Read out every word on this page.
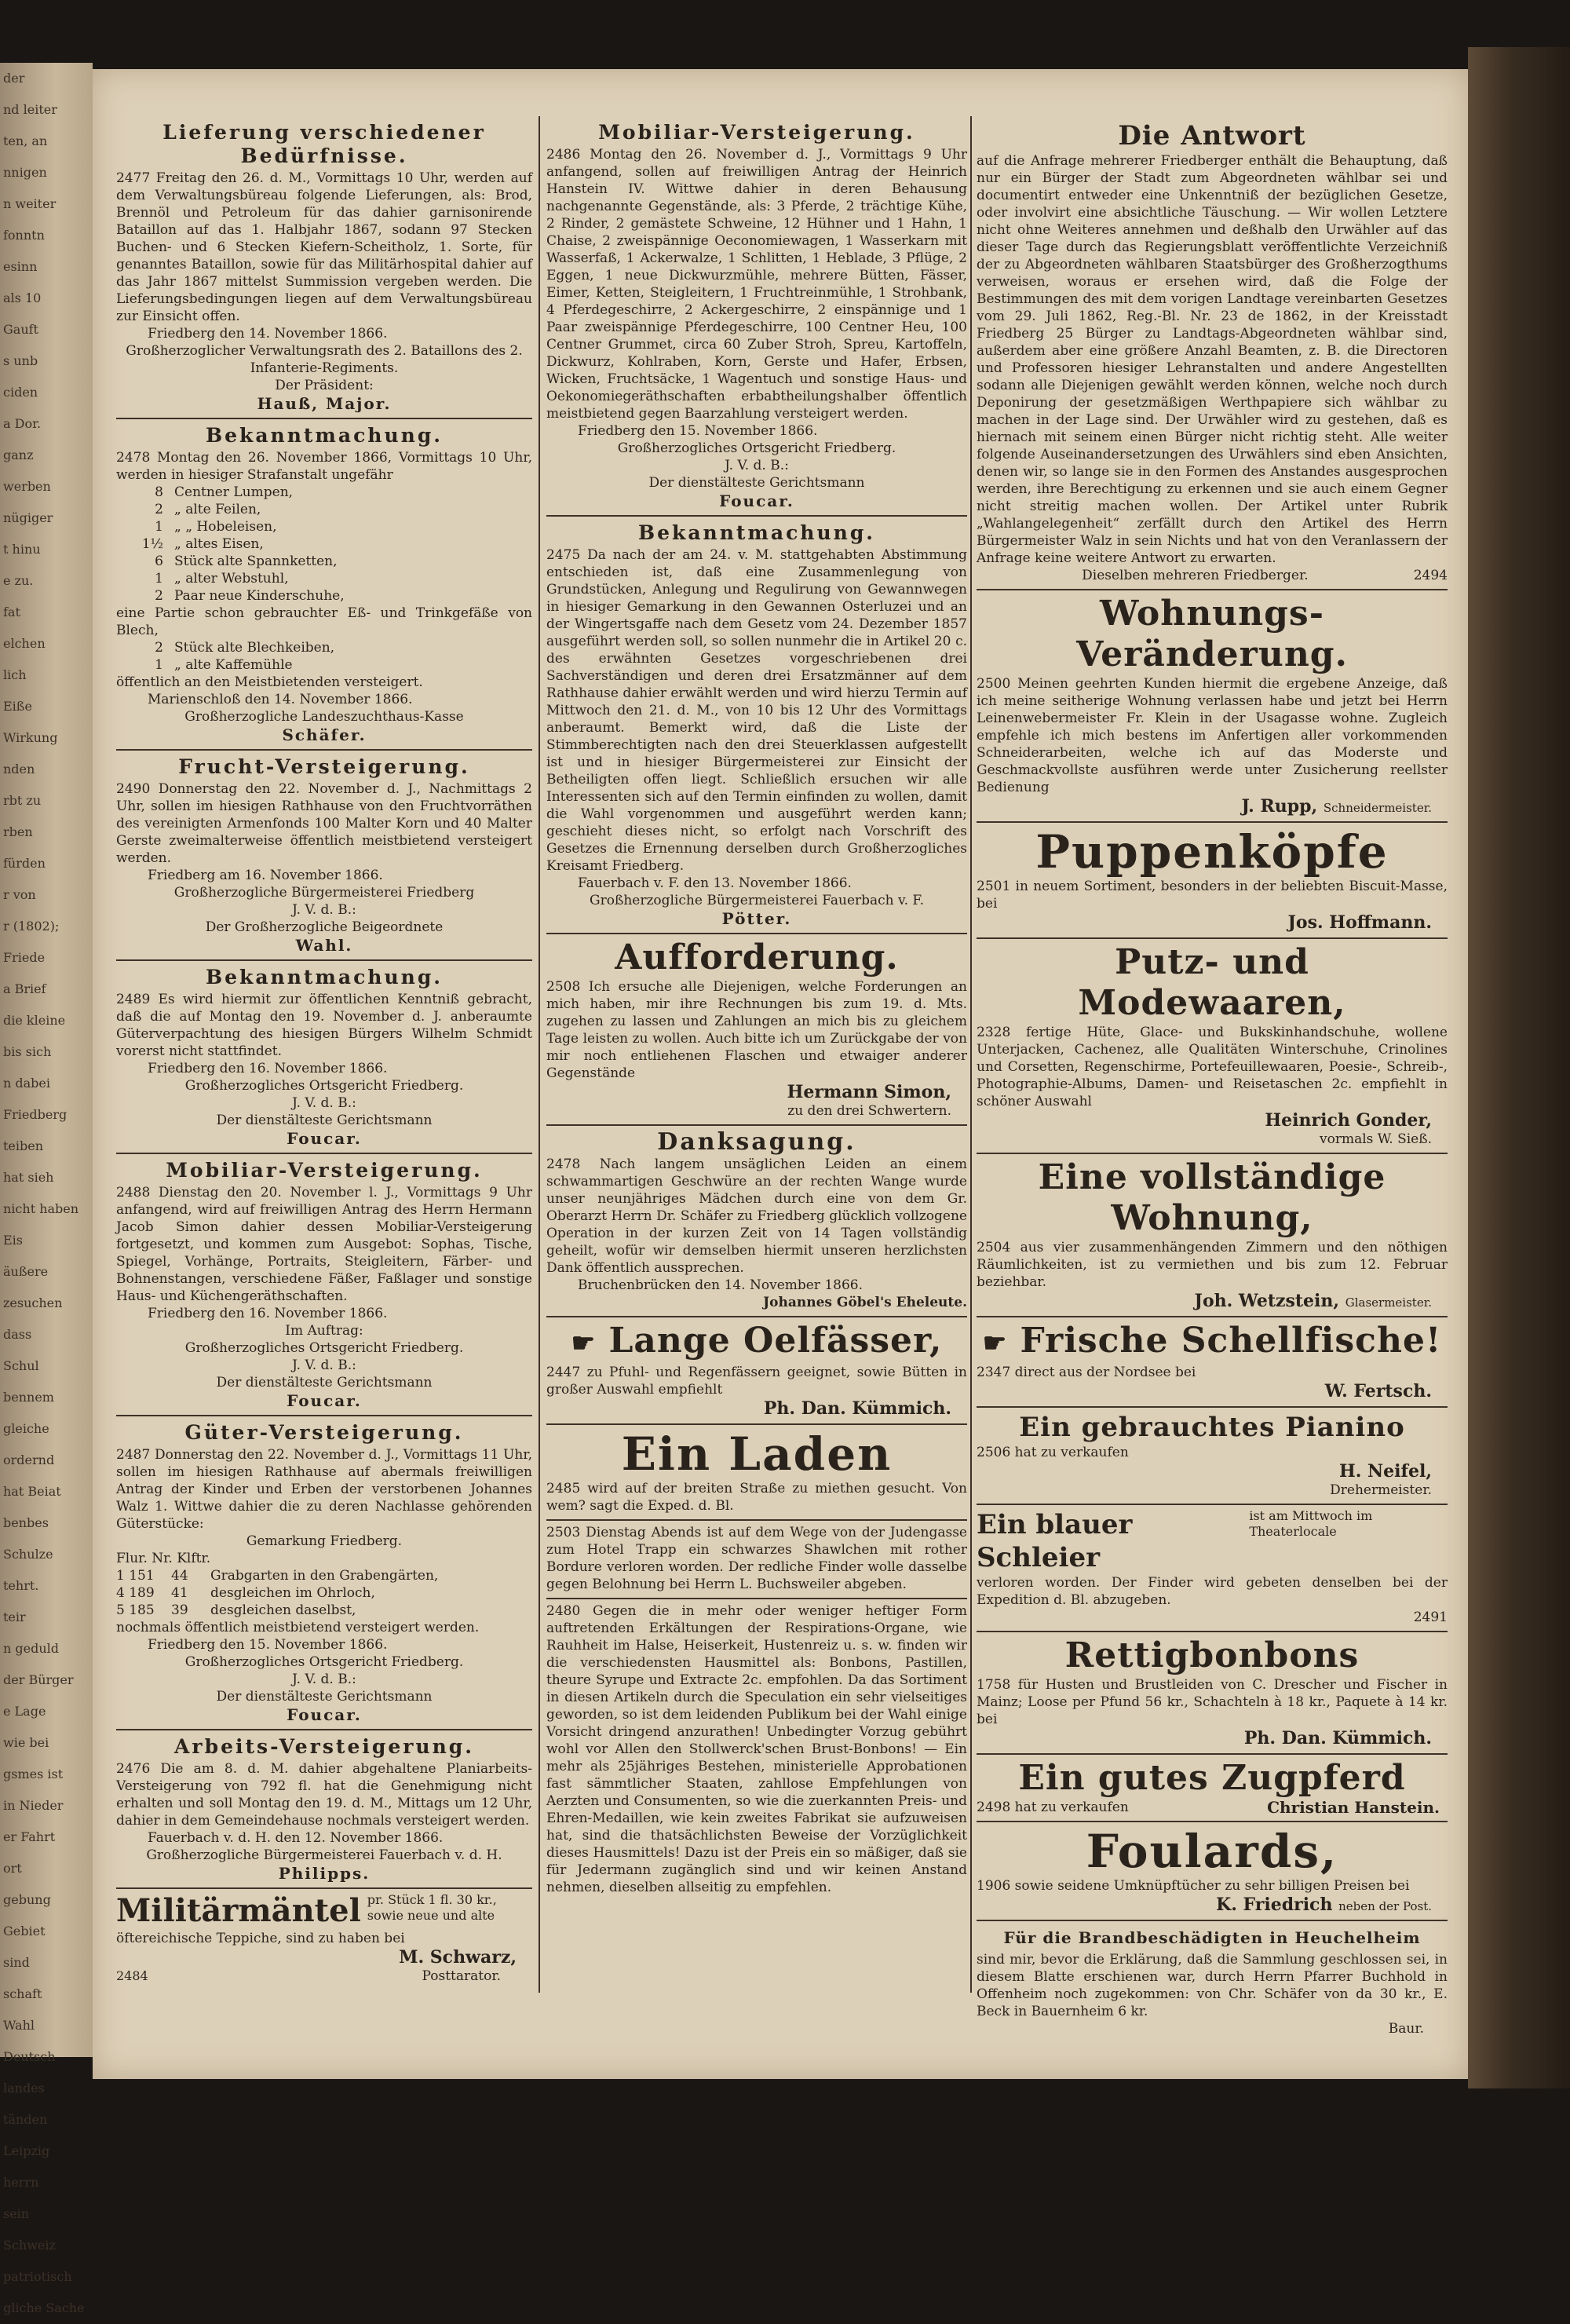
der
nd leiter
ten, an
nnigen
n weiter
fonntn
esinn
als 10
Gauft
s unb
ciden
a Dor.
ganz
werben
nügiger
t hinu
e zu.
fat
elchen
lich
Eiße
Wirkung
nden
rbt zu
rben
fürden
r von
r (1802);
Friede
a Brief
die kleine
bis sich
n dabei
Friedberg
teiben
hat sieh
nicht haben
Eis
äußere
zesuchen
dass
Schul
bennem
gleiche
ordernd
hat Beiat
benbes
Schulze
tehrt.
teir
n geduld
der Bürger
e Lage
wie bei
gsmes ist
in Nieder
er Fahrt
ort
gebung
Gebiet
sind
schaft
Wahl
Deutsch
landes
tänden
Leipzig
herrn
sein
Schweiz
patriotisch
gliche Sache

Lieferung verschiedener Bedürfnisse.

2477 Freitag den 26. d. M., Vormittags 10 Uhr, werden auf dem Verwaltungsbüreau folgende Lieferungen, als: Brod, Brennöl und Petroleum für das dahier garnisonirende Bataillon auf das 1. Halbjahr 1867, sodann 97 Stecken Buchen- und 6 Stecken Kiefern-Scheitholz, 1. Sorte, für genanntes Bataillon, sowie für das Militärhospital dahier auf das Jahr 1867 mittelst Summission vergeben werden. Die Lieferungsbedingungen liegen auf dem Verwaltungsbüreau zur Einsicht offen.

Friedberg den 14. November 1866.

Großherzoglicher Verwaltungsrath des 2. Bataillons des 2. Infanterie-Regiments.

Der Präsident:

Hauß, Major.

Bekanntmachung.

2478 Montag den 26. November 1866, Vormittags 10 Uhr, werden in hiesiger Strafanstalt ungefähr

8 Centner Lumpen,
2 „ alte Feilen,
1 „ „ Hobeleisen,
1½ „ altes Eisen,
6 Stück alte Spannketten,
1 „ alter Webstuhl,
2 Paar neue Kinderschuhe,

eine Partie schon gebrauchter Eß- und Trinkgefäße von Blech,

2 Stück alte Blechkeiben,
1 „ alte Kaffemühle

öffentlich an den Meistbietenden versteigert.

Marienschloß den 14. November 1866.

Großherzogliche Landeszuchthaus-Kasse

Schäfer.

Frucht-Versteigerung.

2490 Donnerstag den 22. November d. J., Nachmittags 2 Uhr, sollen im hiesigen Rathhause von den Fruchtvorräthen des vereinigten Armenfonds 100 Malter Korn und 40 Malter Gerste zweimalterweise öffentlich meistbietend versteigert werden.

Friedberg am 16. November 1866.

Großherzogliche Bürgermeisterei Friedberg

J. V. d. B.:

Der Großherzogliche Beigeordnete

Wahl.

Bekanntmachung.

2489 Es wird hiermit zur öffentlichen Kenntniß gebracht, daß die auf Montag den 19. November d. J. anberaumte Güterverpachtung des hiesigen Bürgers Wilhelm Schmidt vorerst nicht stattfindet.

Friedberg den 16. November 1866.

Großherzogliches Ortsgericht Friedberg.

J. V. d. B.:

Der dienstälteste Gerichtsmann

Foucar.

Mobiliar-Versteigerung.

2488 Dienstag den 20. November l. J., Vormittags 9 Uhr anfangend, wird auf freiwilligen Antrag des Herrn Hermann Jacob Simon dahier dessen Mobiliar-Versteigerung fortgesetzt, und kommen zum Ausgebot: Sophas, Tische, Spiegel, Vorhänge, Portraits, Steigleitern, Färber- und Bohnenstangen, verschiedene Fäßer, Faßlager und sonstige Haus- und Küchengeräthschaften.

Friedberg den 16. November 1866.

Im Auftrag:

Großherzogliches Ortsgericht Friedberg.

J. V. d. B.:

Der dienstälteste Gerichtsmann

Foucar.

Güter-Versteigerung.

2487 Donnerstag den 22. November d. J., Vormittags 11 Uhr, sollen im hiesigen Rathhause auf abermals freiwilligen Antrag der Kinder und Erben der verstorbenen Johannes Walz 1. Wittwe dahier die zu deren Nachlasse gehörenden Güterstücke:

Gemarkung Friedberg.

Flur. Nr. Klftr.

1 151	44	Grabgarten in den Grabengärten,
4 189	41	desgleichen im Ohrloch,
5 185	39	desgleichen daselbst,

nochmals öffentlich meistbietend versteigert werden.

Friedberg den 15. November 1866.

Großherzogliches Ortsgericht Friedberg.

J. V. d. B.:

Der dienstälteste Gerichtsmann

Foucar.

Arbeits-Versteigerung.

2476 Die am 8. d. M. dahier abgehaltene Planiarbeits-Versteigerung von 792 fl. hat die Genehmigung nicht erhalten und soll Montag den 19. d. M., Mittags um 12 Uhr, dahier in dem Gemeindehause nochmals versteigert werden.

Fauerbach v. d. H. den 12. November 1866.

Großherzogliche Bürgermeisterei Fauerbach v. d. H.

Philipps.

Militärmäntel pr. Stück 1 fl. 30 kr., sowie neue und alte

öftereichische Teppiche, sind zu haben bei

M. Schwarz,

2484	Posttarator.

Mobiliar-Versteigerung.

2486 Montag den 26. November d. J., Vormittags 9 Uhr anfangend, sollen auf freiwilligen Antrag der Heinrich Hanstein IV. Wittwe dahier in deren Behausung nachgenannte Gegenstände, als: 3 Pferde, 2 trächtige Kühe, 2 Rinder, 2 gemästete Schweine, 12 Hühner und 1 Hahn, 1 Chaise, 2 zweispännige Oeconomiewagen, 1 Wasserkarn mit Wasserfaß, 1 Ackerwalze, 1 Schlitten, 1 Heblade, 3 Pflüge, 2 Eggen, 1 neue Dickwurzmühle, mehrere Bütten, Fässer, Eimer, Ketten, Steigleitern, 1 Fruchtreinmühle, 1 Strohbank, 4 Pferdegeschirre, 2 Ackergeschirre, 2 einspännige und 1 Paar zweispännige Pferdegeschirre, 100 Centner Heu, 100 Centner Grummet, circa 60 Zuber Stroh, Spreu, Kartoffeln, Dickwurz, Kohlraben, Korn, Gerste und Hafer, Erbsen, Wicken, Fruchtsäcke, 1 Wagentuch und sonstige Haus- und Oekonomiegeräthschaften erbabtheilungshalber öffentlich meistbietend gegen Baarzahlung versteigert werden.

Friedberg den 15. November 1866.

Großherzogliches Ortsgericht Friedberg.

J. V. d. B.:

Der dienstälteste Gerichtsmann

Foucar.

Bekanntmachung.

2475 Da nach der am 24. v. M. stattgehabten Abstimmung entschieden ist, daß eine Zusammenlegung von Grundstücken, Anlegung und Regulirung von Gewannwegen in hiesiger Gemarkung in den Gewannen Osterluzei und an der Wingertsgaffe nach dem Gesetz vom 24. Dezember 1857 ausgeführt werden soll, so sollen nunmehr die in Artikel 20 c. des erwähnten Gesetzes vorgeschriebenen drei Sachverständigen und deren drei Ersatzmänner auf dem Rathhause dahier erwählt werden und wird hierzu Termin auf Mittwoch den 21. d. M., von 10 bis 12 Uhr des Vormittags anberaumt. Bemerkt wird, daß die Liste der Stimmberechtigten nach den drei Steuerklassen aufgestellt ist und in hiesiger Bürgermeisterei zur Einsicht der Betheiligten offen liegt. Schließlich ersuchen wir alle Interessenten sich auf den Termin einfinden zu wollen, damit die Wahl vorgenommen und ausgeführt werden kann; geschieht dieses nicht, so erfolgt nach Vorschrift des Gesetzes die Ernennung derselben durch Großherzogliches Kreisamt Friedberg.

Fauerbach v. F. den 13. November 1866.

Großherzogliche Bürgermeisterei Fauerbach v. F.

Pötter.

Aufforderung.

2508 Ich ersuche alle Diejenigen, welche Forderungen an mich haben, mir ihre Rechnungen bis zum 19. d. Mts. zugehen zu lassen und Zahlungen an mich bis zu gleichem Tage leisten zu wollen. Auch bitte ich um Zurückgabe der von mir noch entliehenen Flaschen und etwaiger anderer Gegenstände

Hermann Simon,

zu den drei Schwertern.

Danksagung.

2478 Nach langem unsäglichen Leiden an einem schwammartigen Geschwüre an der rechten Wange wurde unser neunjähriges Mädchen durch eine von dem Gr. Oberarzt Herrn Dr. Schäfer zu Friedberg glücklich vollzogene Operation in der kurzen Zeit von 14 Tagen vollständig geheilt, wofür wir demselben hiermit unseren herzlichsten Dank öffentlich aussprechen.

Bruchenbrücken den 14. November 1866.

Johannes Göbel's Eheleute.

☛ Lange Oelfässer,

2447 zu Pfuhl- und Regenfässern geeignet, sowie Bütten in großer Auswahl empfiehlt

Ph. Dan. Kümmich.

Ein Laden

2485 wird auf der breiten Straße zu miethen gesucht. Von wem? sagt die Exped. d. Bl.

2503 Dienstag Abends ist auf dem Wege von der Judengasse zum Hotel Trapp ein schwarzes Shawlchen mit rother Bordure verloren worden. Der redliche Finder wolle dasselbe gegen Belohnung bei Herrn L. Buchsweiler abgeben.

2480 Gegen die in mehr oder weniger heftiger Form auftretenden Erkältungen der Respirations-Organe, wie Rauhheit im Halse, Heiserkeit, Hustenreiz u. s. w. finden wir die verschiedensten Hausmittel als: Bonbons, Pastillen, theure Syrupe und Extracte 2c. empfohlen. Da das Sortiment in diesen Artikeln durch die Speculation ein sehr vielseitiges geworden, so ist dem leidenden Publikum bei der Wahl einige Vorsicht dringend anzurathen! Unbedingter Vorzug gebührt wohl vor Allen den Stollwerck'schen Brust-Bonbons! — Ein mehr als 25jähriges Bestehen, ministerielle Approbationen fast sämmtlicher Staaten, zahllose Empfehlungen von Aerzten und Consumenten, so wie die zuerkannten Preis- und Ehren-Medaillen, wie kein zweites Fabrikat sie aufzuweisen hat, sind die thatsächlichsten Beweise der Vorzüglichkeit dieses Hausmittels! Dazu ist der Preis ein so mäßiger, daß sie für Jedermann zugänglich sind und wir keinen Anstand nehmen, dieselben allseitig zu empfehlen.

Die Antwort

auf die Anfrage mehrerer Friedberger enthält die Behauptung, daß nur ein Bürger der Stadt zum Abgeordneten wählbar sei und documentirt entweder eine Unkenntniß der bezüglichen Gesetze, oder involvirt eine absichtliche Täuschung. — Wir wollen Letztere nicht ohne Weiteres annehmen und deßhalb den Urwähler auf das dieser Tage durch das Regierungsblatt veröffentlichte Verzeichniß der zu Abgeordneten wählbaren Staatsbürger des Großherzogthums verweisen, woraus er ersehen wird, daß die Folge der Bestimmungen des mit dem vorigen Landtage vereinbarten Gesetzes vom 29. Juli 1862, Reg.-Bl. Nr. 23 de 1862, in der Kreisstadt Friedberg 25 Bürger zu Landtags-Abgeordneten wählbar sind, außerdem aber eine größere Anzahl Beamten, z. B. die Directoren und Professoren hiesiger Lehranstalten und andere Angestellten sodann alle Diejenigen gewählt werden können, welche noch durch Deponirung der gesetzmäßigen Werthpapiere sich wählbar zu machen in der Lage sind. Der Urwähler wird zu gestehen, daß es hiernach mit seinem einen Bürger nicht richtig steht. Alle weiter folgende Auseinandersetzungen des Urwählers sind eben Ansichten, denen wir, so lange sie in den Formen des Anstandes ausgesprochen werden, ihre Berechtigung zu erkennen und sie auch einem Gegner nicht streitig machen wollen. Der Artikel unter Rubrik „Wahlangelegenheit“ zerfällt durch den Artikel des Herrn Bürgermeister Walz in sein Nichts und hat von den Veranlassern der Anfrage keine weitere Antwort zu erwarten.

Dieselben mehreren Friedberger.	2494

Wohnungs-Veränderung.

2500 Meinen geehrten Kunden hiermit die ergebene Anzeige, daß ich meine seitherige Wohnung verlassen habe und jetzt bei Herrn Leinenwebermeister Fr. Klein in der Usagasse wohne. Zugleich empfehle ich mich bestens im Anfertigen aller vorkommenden Schneiderarbeiten, welche ich auf das Moderste und Geschmackvollste ausführen werde unter Zusicherung reellster Bedienung

J. Rupp, Schneidermeister.

Puppenköpfe

2501 in neuem Sortiment, besonders in der beliebten Biscuit-Masse, bei

Jos. Hoffmann.

Putz- und Modewaaren,

2328 fertige Hüte, Glace- und Bukskinhandschuhe, wollene Unterjacken, Cachenez, alle Qualitäten Winterschuhe, Crinolines und Corsetten, Regenschirme, Portefeuillewaaren, Poesie-, Schreib-, Photographie-Albums, Damen- und Reisetaschen 2c. empfiehlt in schöner Auswahl

Heinrich Gonder,

vormals W. Sieß.

Eine vollständige Wohnung,

2504 aus vier zusammenhängenden Zimmern und den nöthigen Räumlichkeiten, ist zu vermiethen und bis zum 12. Februar beziehbar.

Joh. Wetzstein, Glasermeister.

☛ Frische Schellfische!

2347 direct aus der Nordsee bei

W. Fertsch.

Ein gebrauchtes Pianino

2506 hat zu verkaufen

H. Neifel,

Drehermeister.

Ein blauer Schleier
ist am Mittwoch im Theaterlocale

verloren worden. Der Finder wird gebeten denselben bei der Expedition d. Bl. abzugeben.

2491

Rettigbonbons

1758 für Husten und Brustleiden von C. Drescher und Fischer in Mainz; Loose per Pfund 56 kr., Schachteln à 18 kr., Paquete à 14 kr. bei

Ph. Dan. Kümmich.

Ein gutes Zugpferd

2498 hat zu verkaufen	Christian Hanstein.

Foulards,

1906 sowie seidene Umknüpftücher zu sehr billigen Preisen bei

K. Friedrich neben der Post.

Für die Brandbeschädigten in Heuchelheim

sind mir, bevor die Erklärung, daß die Sammlung geschlossen sei, in diesem Blatte erschienen war, durch Herrn Pfarrer Buchhold in Offenheim noch zugekommen: von Chr. Schäfer von da 30 kr., E. Beck in Bauernheim 6 kr.

Baur.
